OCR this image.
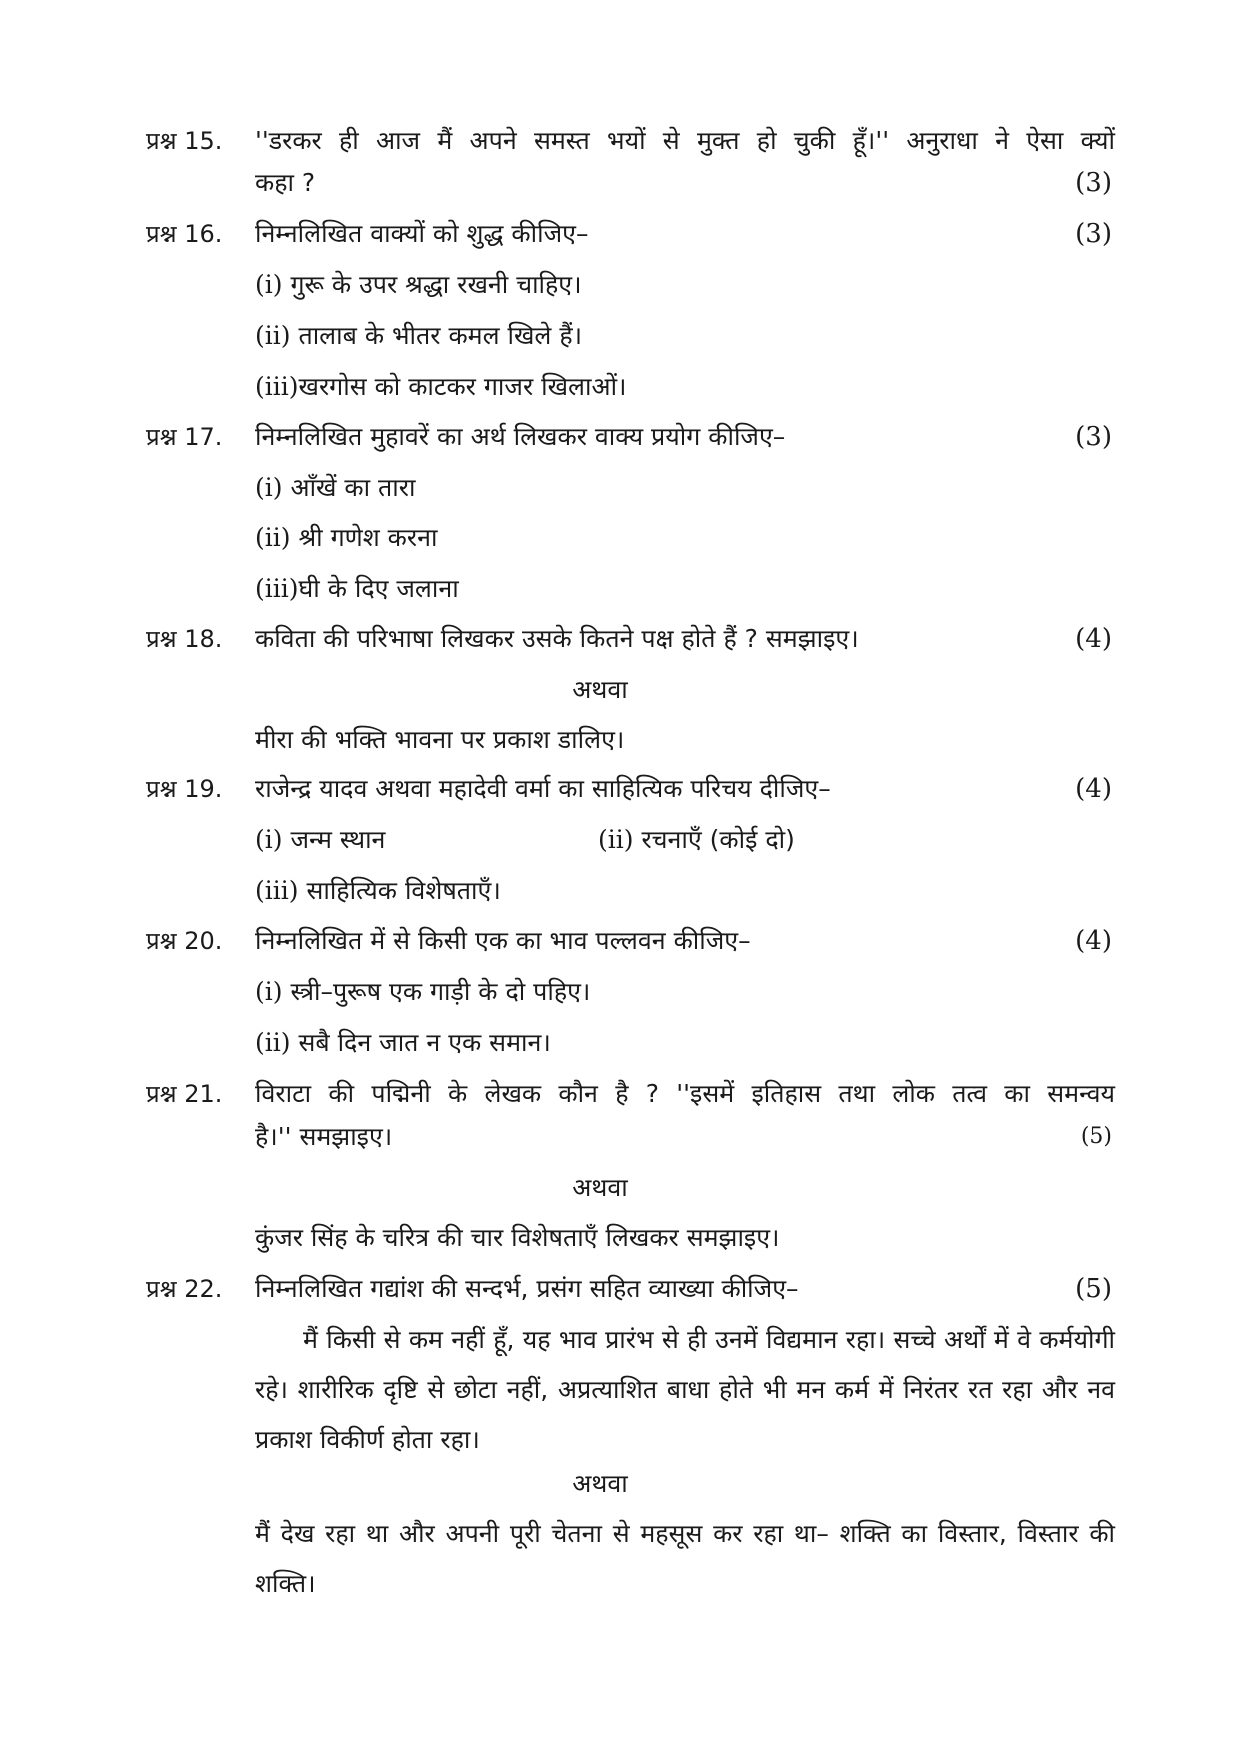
प्रश्न 15. ''डरकर ही आज मैं अपने समस्त भयों से मुक्त हो चुकी हूँ।'' अनुराधा ने ऐसा क्यों
कहा ?	(3)
प्रश्न 16. निम्नलिखित वाक्यों को शुद्ध कीजिए–	(3)
(i) गुरू के उपर श्रद्धा रखनी चाहिए।
(ii) तालाब के भीतर कमल खिले हैं।
(iii)खरगोस को काटकर गाजर खिलाओं।
प्रश्न 17. निम्नलिखित मुहावरें का अर्थ लिखकर वाक्य प्रयोग कीजिए–	(3)
(i) आँखें का तारा
(ii) श्री गणेश करना
(iii)घी के दिए जलाना
प्रश्न 18. कविता की परिभाषा लिखकर उसके कितने पक्ष होते हैं ? समझाइए।	(4)
अथवा
मीरा की भक्ति भावना पर प्रकाश डालिए।
प्रश्न 19. राजेन्द्र यादव अथवा महादेवी वर्मा का साहित्यिक परिचय दीजिए–	(4)
(i) जन्म स्थान	(ii) रचनाएँ (कोई दो)
(iii) साहित्यिक विशेषताएँ।
प्रश्न 20. निम्नलिखित में से किसी एक का भाव पल्लवन कीजिए–	(4)
(i) स्त्री–पुरूष एक गाड़ी के दो पहिए।
(ii) सबै दिन जात न एक समान।
प्रश्न 21. विराटा की पद्मिनी के लेखक कौन है ? ''इसमें इतिहास तथा लोक तत्व का समन्वय
है।'' समझाइए।	(5)
अथवा
कुंजर सिंह के चरित्र की चार विशेषताएँ लिखकर समझाइए।
प्रश्न 22. निम्नलिखित गद्यांश की सन्दर्भ, प्रसंग सहित व्याख्या कीजिए–	(5)
मैं किसी से कम नहीं हूँ, यह भाव प्रारंभ से ही उनमें विद्यमान रहा। सच्चे अर्थों में वे कर्मयोगी रहे। शारीरिक दृष्टि से छोटा नहीं, अप्रत्याशित बाधा होते भी मन कर्म में निरंतर रत रहा और नव प्रकाश विकीर्ण होता रहा।
अथवा
मैं देख रहा था और अपनी पूरी चेतना से महसूस कर रहा था– शक्ति का विस्तार, विस्तार की शक्ति।
